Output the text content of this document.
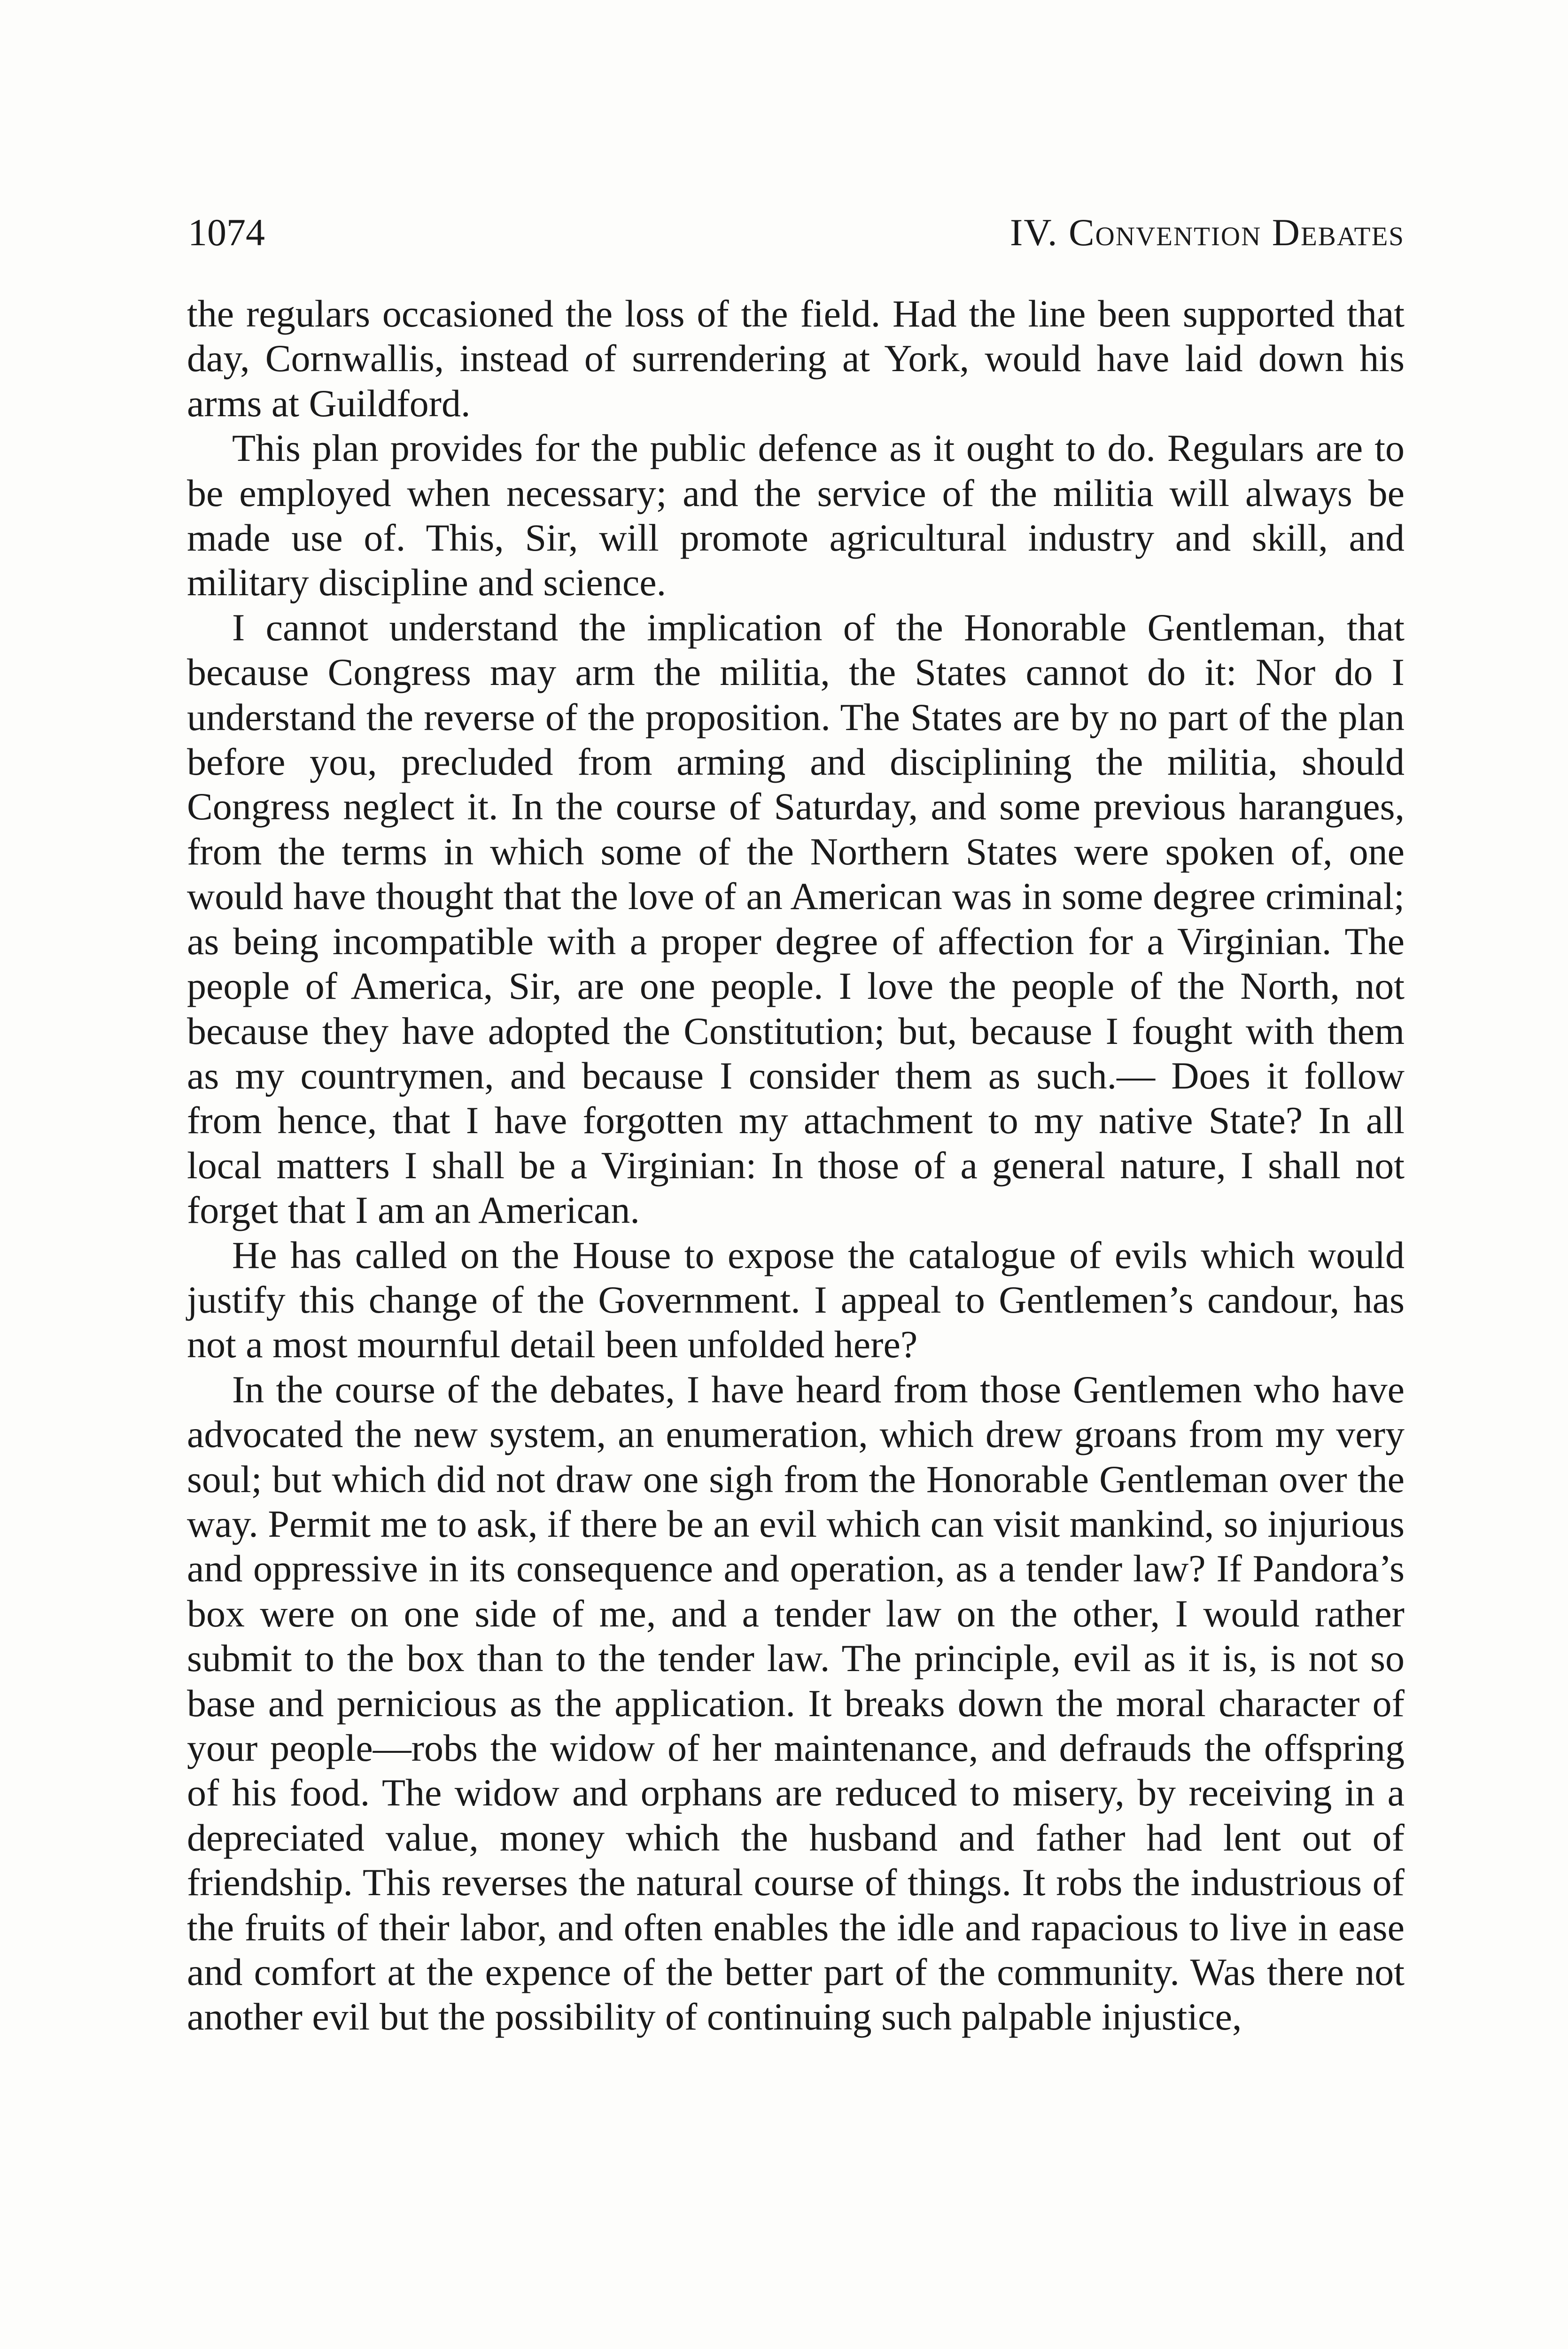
1074	IV. Convention Debates

the regulars occasioned the loss of the field. Had the line been supported that day, Cornwallis, instead of surrendering at York, would have laid down his arms at Guildford.

This plan provides for the public defence as it ought to do. Regulars are to be employed when necessary; and the service of the militia will always be made use of. This, Sir, will promote agricultural industry and skill, and military discipline and science.

I cannot understand the implication of the Honorable Gentleman, that because Congress may arm the militia, the States cannot do it: Nor do I understand the reverse of the proposition. The States are by no part of the plan before you, precluded from arming and disciplining the militia, should Congress neglect it. In the course of Saturday, and some previous harangues, from the terms in which some of the Northern States were spoken of, one would have thought that the love of an American was in some degree criminal; as being incompatible with a proper degree of affection for a Virginian. The people of America, Sir, are one people. I love the people of the North, not because they have adopted the Constitution; but, because I fought with them as my countrymen, and because I consider them as such.— Does it follow from hence, that I have forgotten my attachment to my native State? In all local matters I shall be a Virginian: In those of a general nature, I shall not forget that I am an American.

He has called on the House to expose the catalogue of evils which would justify this change of the Government. I appeal to Gentlemen’s candour, has not a most mournful detail been unfolded here?

In the course of the debates, I have heard from those Gentlemen who have advocated the new system, an enumeration, which drew groans from my very soul; but which did not draw one sigh from the Honorable Gentleman over the way. Permit me to ask, if there be an evil which can visit mankind, so injurious and oppressive in its consequence and operation, as a tender law? If Pandora’s box were on one side of me, and a tender law on the other, I would rather submit to the box than to the tender law. The principle, evil as it is, is not so base and pernicious as the application. It breaks down the moral character of your people—robs the widow of her maintenance, and defrauds the offspring of his food. The widow and orphans are reduced to misery, by receiving in a depreciated value, money which the husband and father had lent out of friendship. This reverses the natural course of things. It robs the industrious of the fruits of their labor, and often enables the idle and rapacious to live in ease and comfort at the expence of the better part of the community. Was there not another evil but the possibility of continuing such palpable injustice,
